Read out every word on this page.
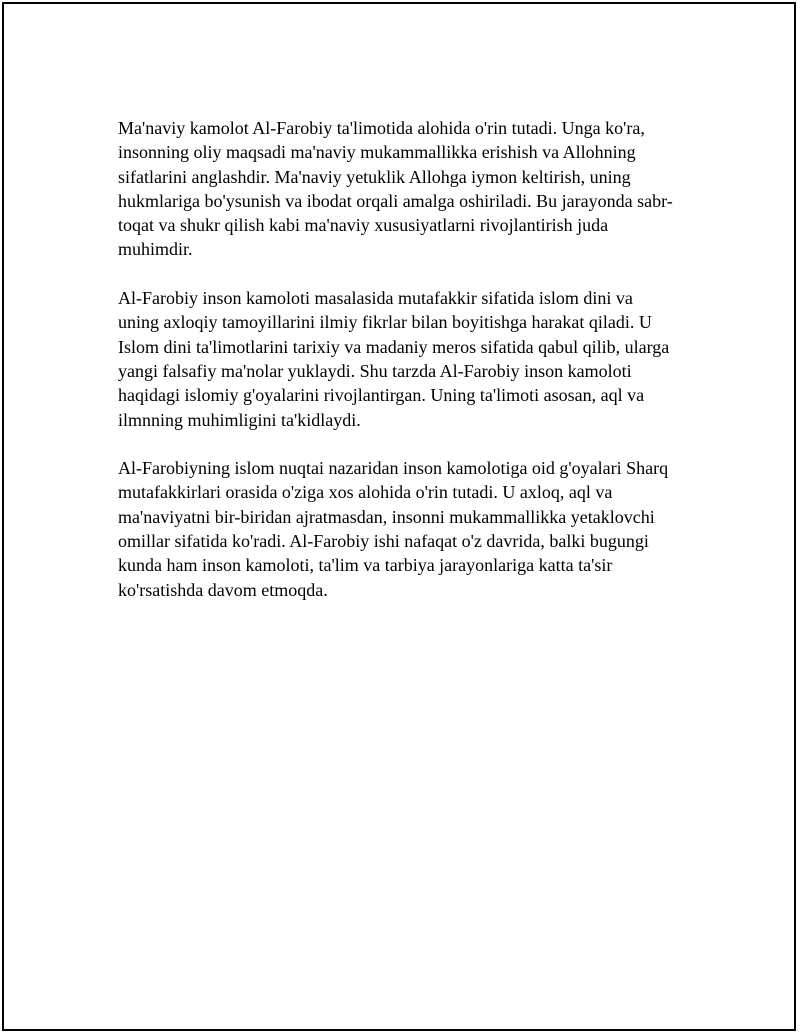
Ma'naviy kamolot Al-Farobiy ta'limotida alohida o'rin tutadi. Unga ko'ra,
insonning oliy maqsadi ma'naviy mukammallikka erishish va Allohning
sifatlarini anglashdir. Ma'naviy yetuklik Allohga iymon keltirish, uning
hukmlariga bo'ysunish va ibodat orqali amalga oshiriladi. Bu jarayonda sabr-
toqat va shukr qilish kabi ma'naviy xususiyatlarni rivojlantirish juda
muhimdir.

Al-Farobiy inson kamoloti masalasida mutafakkir sifatida islom dini va
uning axloqiy tamoyillarini ilmiy fikrlar bilan boyitishga harakat qiladi. U
Islom dini ta'limotlarini tarixiy va madaniy meros sifatida qabul qilib, ularga
yangi falsafiy ma'nolar yuklaydi. Shu tarzda Al-Farobiy inson kamoloti
haqidagi islomiy g'oyalarini rivojlantirgan. Uning ta'limoti asosan, aql va
ilmnning muhimligini ta'kidlaydi.

Al-Farobiyning islom nuqtai nazaridan inson kamolotiga oid g'oyalari Sharq
mutafakkirlari orasida o'ziga xos alohida o'rin tutadi. U axloq, aql va
ma'naviyatni bir-biridan ajratmasdan, insonni mukammallikka yetaklovchi
omillar sifatida ko'radi. Al-Farobiy ishi nafaqat o'z davrida, balki bugungi
kunda ham inson kamoloti, ta'lim va tarbiya jarayonlariga katta ta'sir
ko'rsatishda davom etmoqda.
